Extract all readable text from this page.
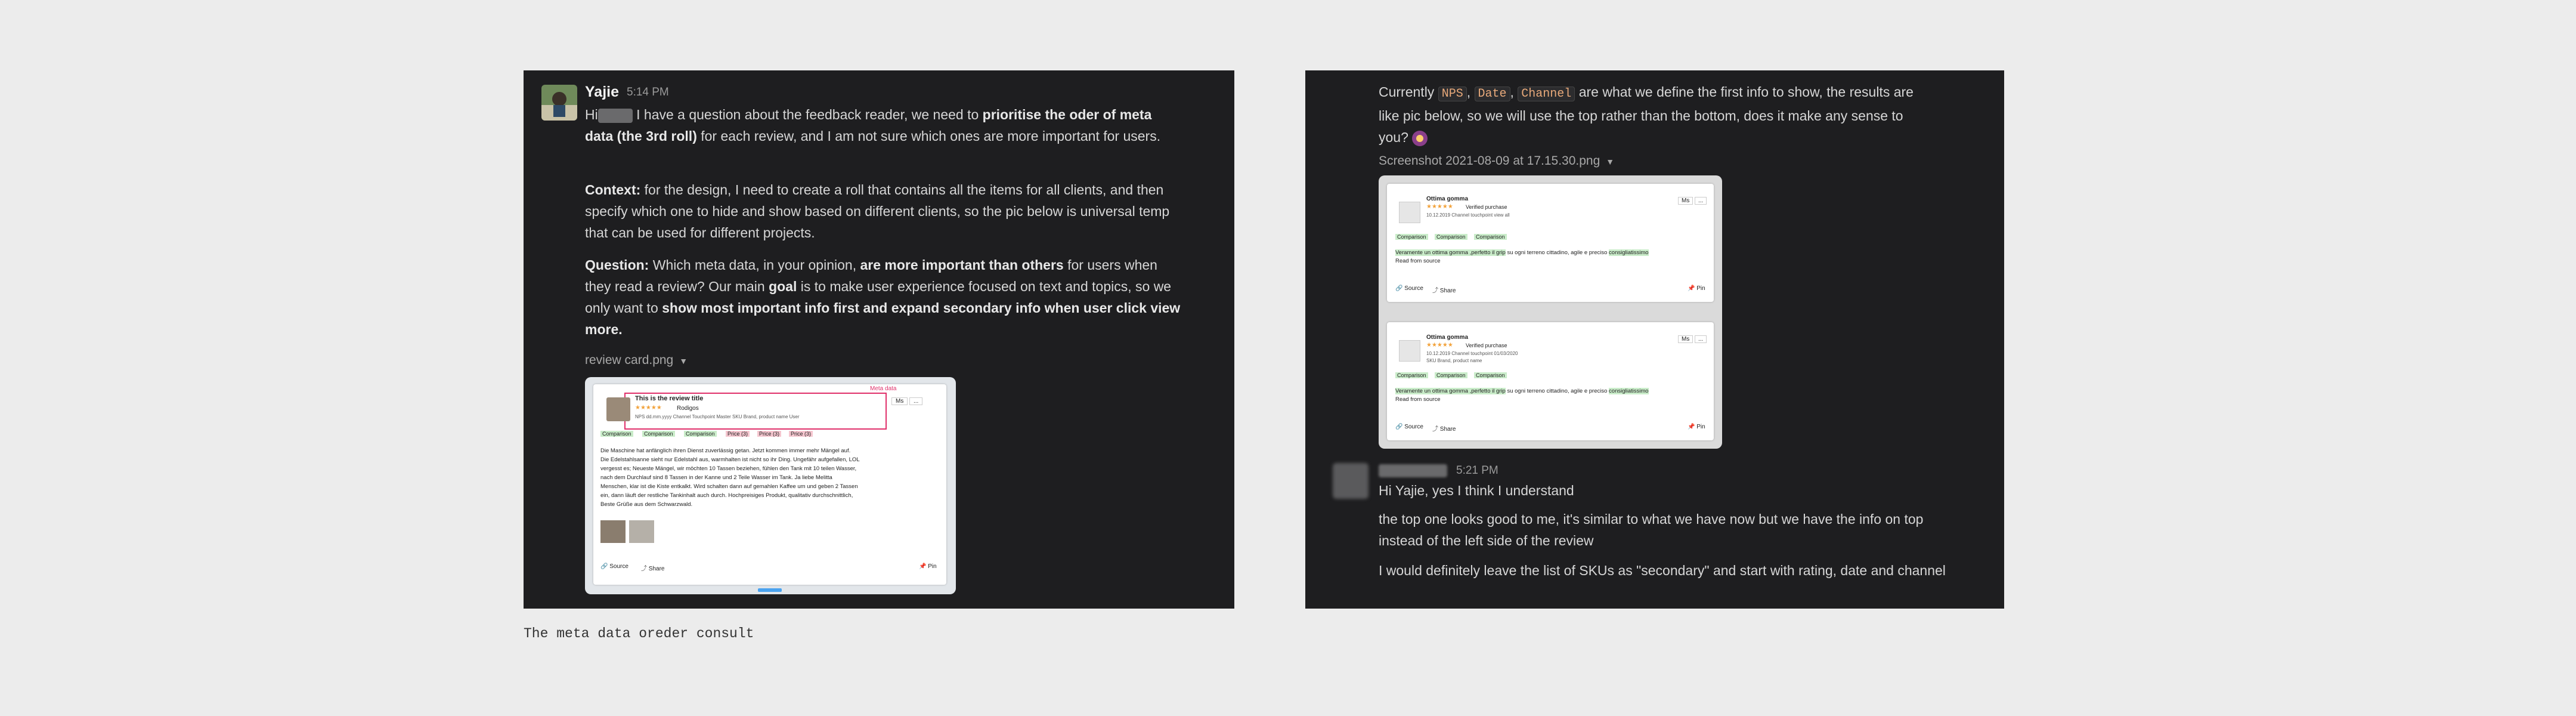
Yajie 5:14 PM
Hi	I have a question about the feedback reader, we need to prioritise the oder of meta data (the 3rd roll) for each review, and I am not sure which ones are more important for users.
Context: for the design, I need to create a roll that contains all the items for all clients, and then specify which one to hide and show based on different clients, so the pic below is universal temp that can be used for different projects.
Question: Which meta data, in your opinion, are more important than others for users when they read a review? Our main goal is to make user experience focused on text and topics, so we only want to show most important info first and expand secondary info when user click view more.
review card.png ▼
Meta data
This is the review title
★★★★★	Rodigos
NPS dd.mm.yyyy Channel Touchpoint Master SKU Brand, product name User
Ms	...
Comparison	Comparison	Comparison	Price (3)	Price (3)	Price (3)
Die Maschine hat anfänglich ihren Dienst zuverlässig getan. Jetzt kommen immer mehr Mängel auf.
Die Edelstahlsanne sieht nur Edelstahl aus, warmhalten ist nicht so ihr Ding. Ungefähr aufgefallen, LOL
vergesst es; Neueste Mängel, wir möchten 10 Tassen beziehen, fühlen den Tank mit 10 teilen Wasser,
nach dem Durchlauf sind 8 Tassen in der Kanne und 2 Teile Wasser im Tank. Ja liebe Melitta
Menschen, klar ist die Kiste entkalkt. Wird schalten dann auf gemahlen Kaffee um und geben 2 Tassen
ein, dann läuft der restliche Tankinhalt auch durch. Hochpreisiges Produkt, qualitativ durchschnittlich,
Beste Grüße aus dem Schwarzwald.
🔗 Source ⤴ Share	📌 Pin
Currently NPS , Date , Channel are what we define the first info to show, the results are like pic below, so we will use the top rather than the bottom, does it make any sense to you?
Screenshot 2021-08-09 at 17.15.30.png ▼
Ottima gomma
★★★★★ Verified purchase
10.12.2019 Channel touchpoint view all
Ms	...
Comparison	Comparison	Comparison
Veramente un ottima gomma ,perfetto il grip su ogni terreno cittadino, agile e preciso consigliatissimo
Read from source
🔗 Source ⤴ Share	📌 Pin
Ottima gomma
★★★★★ Verified purchase
10.12.2019 Channel touchpoint 01/03/2020
SKU Brand, product name
Ms	...
Comparison	Comparison	Comparison
Veramente un ottima gomma ,perfetto il grip su ogni terreno cittadino, agile e preciso consigliatissimo
Read from source
🔗 Source ⤴ Share	📌 Pin
5:21 PM
Hi Yajie, yes I think I understand
the top one looks good to me, it's similar to what we have now but we have the info on top instead of the left side of the review
I would definitely leave the list of SKUs as "secondary" and start with rating, date and channel
The meta data oreder consult
